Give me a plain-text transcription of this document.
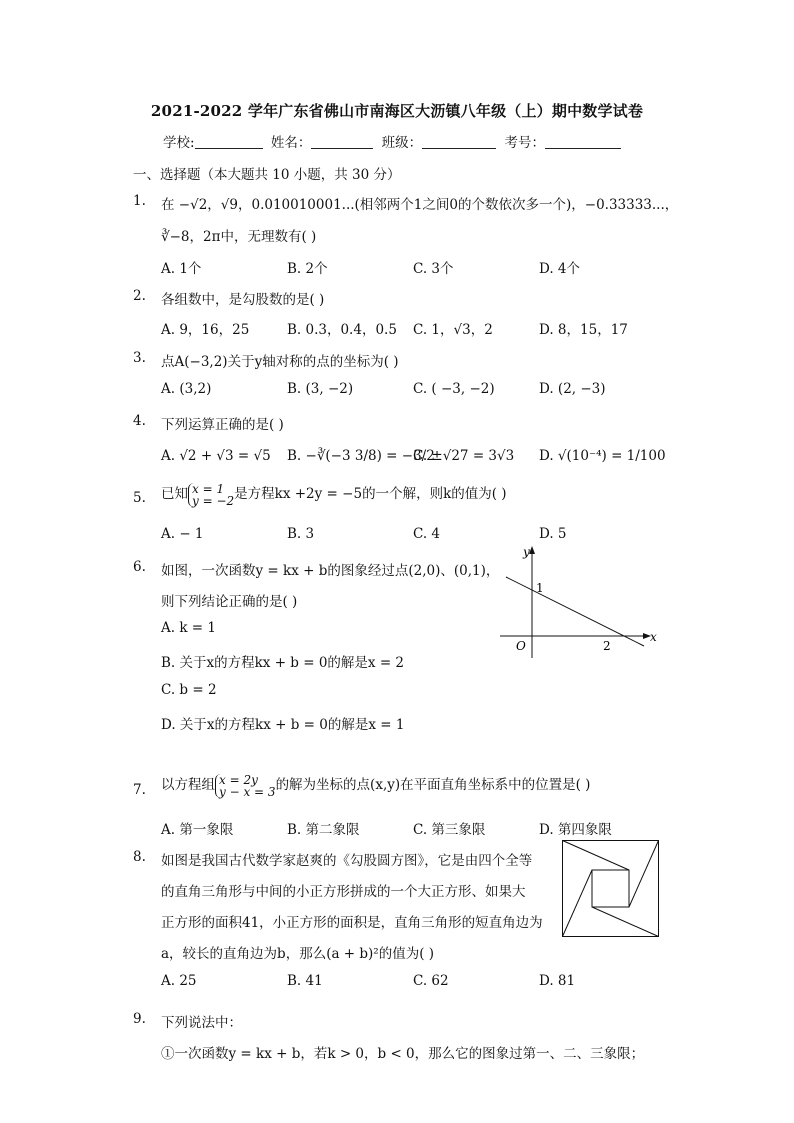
2021-2022 学年广东省佛山市南海区大沥镇八年级（上）期中数学试卷
学校:	姓名：	班级：	考号：
一、选择题（本大题共 10 小题，共 30 分）
1. 在 −√2，√9，0.010010001...(相邻两个1之间0的个数依次多一个)，−0.33333...，
∛−8，2π中，无理数有( )
A. 1个	B. 2个	C. 3个	D. 4个
2. 各组数中，是勾股数的是( )
A. 9，16，25	B. 0.3，0.4，0.5 C. 1，√3，2	D. 8，15，17
3. 点A(−3,2)关于y轴对称的点的坐标为( )
A. (3,2)	B. (3, −2)	C. ( −3, −2)	D. (2, −3)
4. 下列运算正确的是( )
A. √2 + √3 = √5 B. −∛(−3 3/8) = −3/2
C. ±√27 = 3√3 D. √(10⁻⁴) = 1/100
5. 已知 x = 1
y = −2 是方程kx +2y = −5的一个解，则k的值为( )
A. − 1	B. 3	C. 4	D. 5
6. 如图，一次函数y = kx + b的图象经过点(2,0)、(0,1)，
则下列结论正确的是( )
A. k = 1
B. 关于x的方程kx + b = 0的解是x = 2
C. b = 2
D. 关于x的方程kx + b = 0的解是x = 1
y
x
O
1
2
7. 以方程组 x = 2y
y − x = 3 的解为坐标的点(x,y)在平面直角坐标系中的位置是( )
A. 第一象限	B. 第二象限	C. 第三象限	D. 第四象限
8. 如图是我国古代数学家赵爽的《勾股圆方图》，它是由四个全等
的直角三角形与中间的小正方形拼成的一个大正方形、如果大
正方形的面积41，小正方形的面积是，直角三角形的短直角边为
a，较长的直角边为b，那么(a + b)²的值为( )
A. 25	B. 41	C. 62	D. 81
9. 下列说法中：
①一次函数y = kx + b，若k > 0，b < 0，那么它的图象过第一、二、三象限；
